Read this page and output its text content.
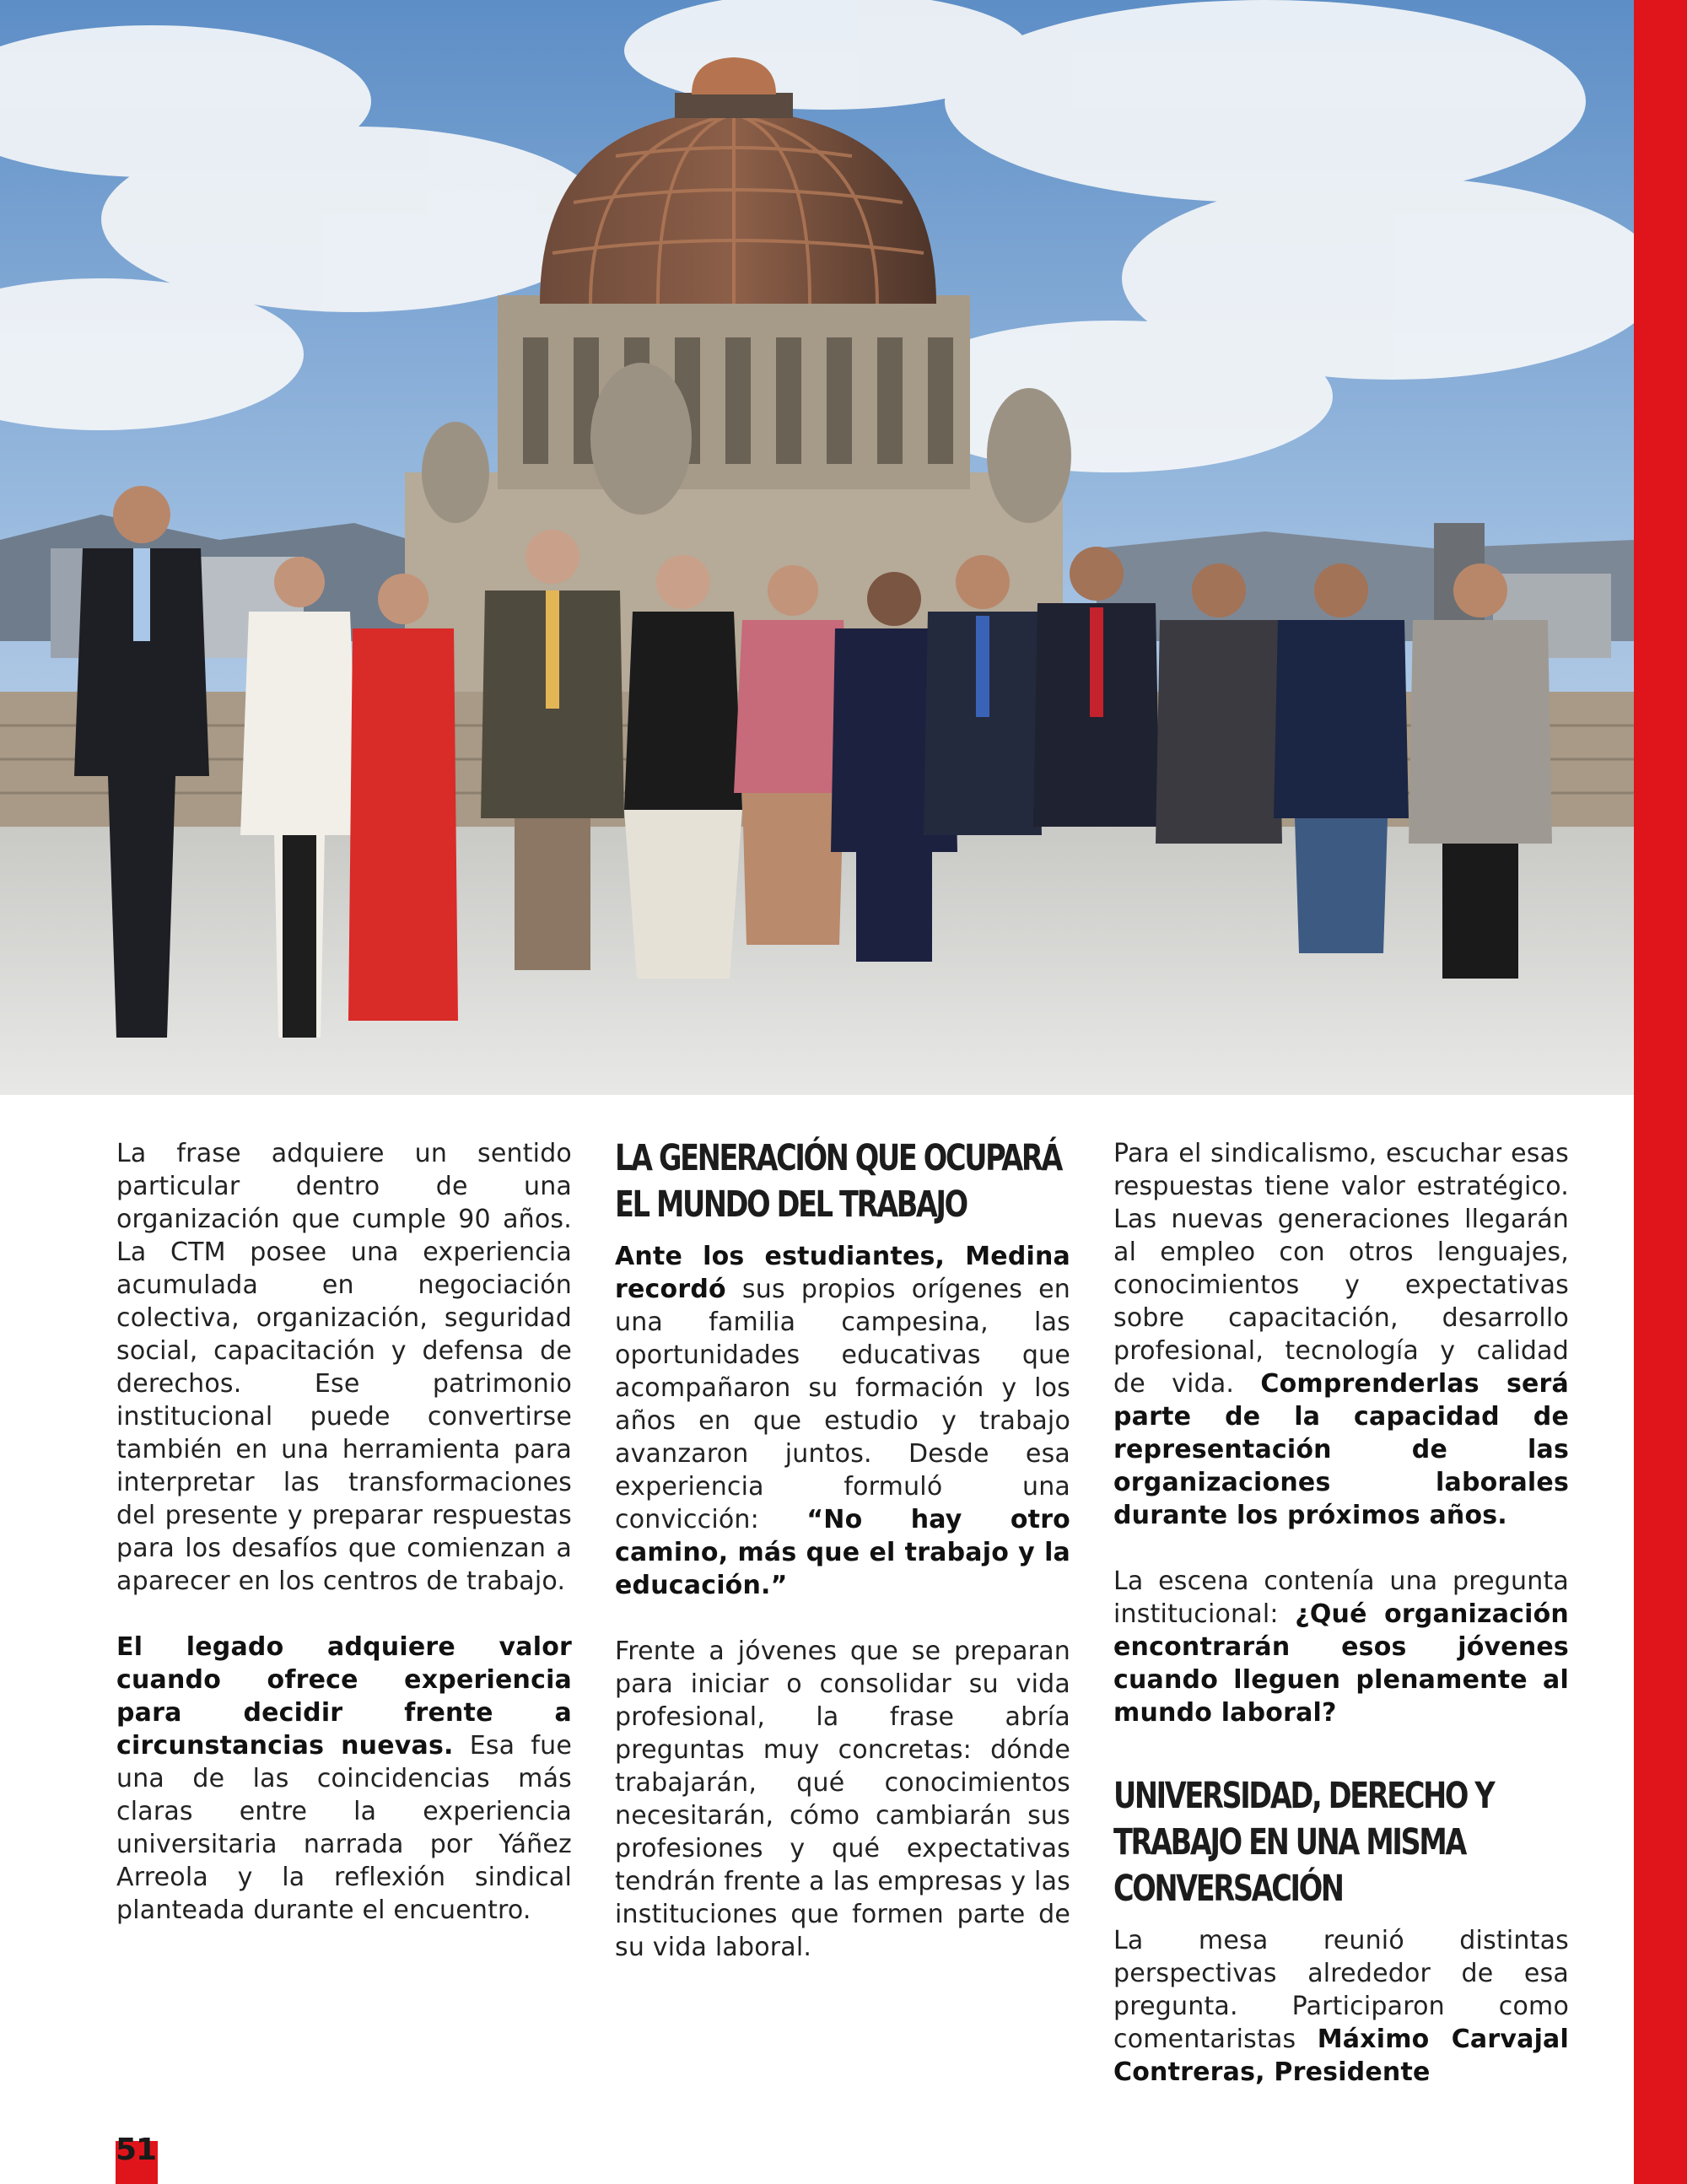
La frase adquiere un sentido particular dentro de una organización que cumple 90 años. La CTM posee una experiencia acumulada en negociación colectiva, organización, seguridad social, capacitación y defensa de derechos. Ese patrimonio institucional puede convertirse también en una herramienta para interpretar las transformaciones del presente y preparar respuestas para los desafíos que comienzan a aparecer en los centros de trabajo.

El legado adquiere valor cuando ofrece experiencia para decidir frente a circunstancias nuevas. Esa fue una de las coincidencias más claras entre la experiencia universitaria narrada por Yáñez Arreola y la reflexión sindical planteada durante el encuentro.

LA GENERACIÓN QUE OCUPARÁ EL MUNDO DEL TRABAJO

Ante los estudiantes, Medina recordó sus propios orígenes en una familia campesina, las oportunidades educativas que acompañaron su formación y los años en que estudio y trabajo avanzaron juntos. Desde esa experiencia formuló una convicción: “No hay otro camino, más que el trabajo y la educación.”

Frente a jóvenes que se preparan para iniciar o consolidar su vida profesional, la frase abría preguntas muy concretas: dónde trabajarán, qué conocimientos necesitarán, cómo cambiarán sus profesiones y qué expectativas tendrán frente a las empresas y las instituciones que formen parte de su vida laboral.

Para el sindicalismo, escuchar esas respuestas tiene valor estratégico. Las nuevas generaciones llegarán al empleo con otros lenguajes, conocimientos y expectativas sobre capacitación, desarrollo profesional, tecnología y calidad de vida. Comprenderlas será parte de la capacidad de representación de las organizaciones laborales durante los próximos años.

La escena contenía una pregunta institucional: ¿Qué organización encontrarán esos jóvenes cuando lleguen plenamente al mundo laboral?

UNIVERSIDAD, DERECHO Y TRABAJO EN UNA MISMA CONVERSACIÓN

La mesa reunió distintas perspectivas alrededor de esa pregunta. Participaron como comentaristas Máximo Carvajal Contreras, Presidente

51
